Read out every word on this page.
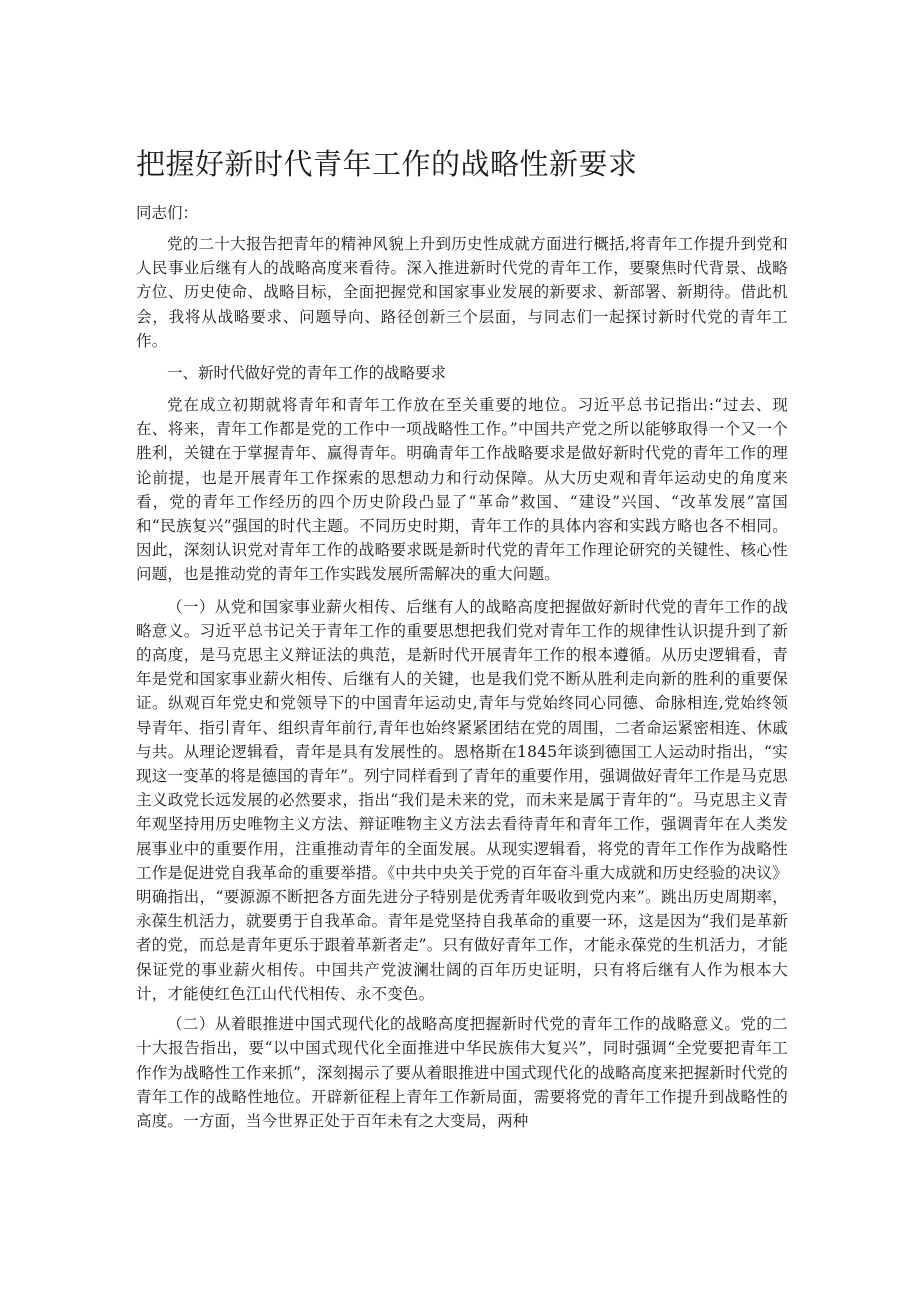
把握好新时代青年工作的战略性新要求

同志们：

党的二十大报告把青年的精神风貌上升到历史性成就方面进行概括,将青年工作提升到党和人民事业后继有人的战略高度来看待。深入推进新时代党的青年工作，要聚焦时代背景、战略方位、历史使命、战略目标，全面把握党和国家事业发展的新要求、新部署、新期待。借此机会，我将从战略要求、问题导向、路径创新三个层面，与同志们一起探讨新时代党的青年工作。

一、新时代做好党的青年工作的战略要求

党在成立初期就将青年和青年工作放在至关重要的地位。习近平总书记指出:“过去、现在、将来，青年工作都是党的工作中一项战略性工作。”中国共产党之所以能够取得一个又一个胜利，关键在于掌握青年、赢得青年。明确青年工作战略要求是做好新时代党的青年工作的理论前提，也是开展青年工作探索的思想动力和行动保障。从大历史观和青年运动史的角度来看，党的青年工作经历的四个历史阶段凸显了“革命”救国、“建设”兴国、“改革发展”富国和“民族复兴”强国的时代主题。不同历史时期，青年工作的具体内容和实践方略也各不相同。因此，深刻认识党对青年工作的战略要求既是新时代党的青年工作理论研究的关键性、核心性问题，也是推动党的青年工作实践发展所需解决的重大问题。

（一）从党和国家事业薪火相传、后继有人的战略高度把握做好新时代党的青年工作的战略意义。习近平总书记关于青年工作的重要思想把我们党对青年工作的规律性认识提升到了新的高度，是马克思主义辩证法的典范，是新时代开展青年工作的根本遵循。从历史逻辑看，青年是党和国家事业薪火相传、后继有人的关键，也是我们党不断从胜利走向新的胜利的重要保证。纵观百年党史和党领导下的中国青年运动史,青年与党始终同心同德、命脉相连,党始终领导青年、指引青年、组织青年前行,青年也始终紧紧团结在党的周围，二者命运紧密相连、休戚与共。从理论逻辑看，青年是具有发展性的。恩格斯在1845年谈到德国工人运动时指出，“实现这一变革的将是德国的青年”。列宁同样看到了青年的重要作用，强调做好青年工作是马克思主义政党长远发展的必然要求，指出“我们是未来的党，而未来是属于青年的“。马克思主义青年观坚持用历史唯物主义方法、辩证唯物主义方法去看待青年和青年工作，强调青年在人类发展事业中的重要作用，注重推动青年的全面发展。从现实逻辑看，将党的青年工作作为战略性工作是促进党自我革命的重要举措。《中共中央关于党的百年奋斗重大成就和历史经验的决议》明确指出，“要源源不断把各方面先进分子特别是优秀青年吸收到党内来”。跳出历史周期率，永葆生机活力，就要勇于自我革命。青年是党坚持自我革命的重要一环，这是因为“我们是革新者的党，而总是青年更乐于跟着革新者走”。只有做好青年工作，才能永葆党的生机活力，才能保证党的事业薪火相传。中国共产党波澜壮阔的百年历史证明，只有将后继有人作为根本大计，才能使红色江山代代相传、永不变色。

（二）从着眼推进中国式现代化的战略高度把握新时代党的青年工作的战略意义。党的二十大报告指出，要“以中国式现代化全面推进中华民族伟大复兴”，同时强调“全党要把青年工作作为战略性工作来抓”，深刻揭示了要从着眼推进中国式现代化的战略高度来把握新时代党的青年工作的战略性地位。开辟新征程上青年工作新局面，需要将党的青年工作提升到战略性的高度。一方面，当今世界正处于百年未有之大变局，两种
